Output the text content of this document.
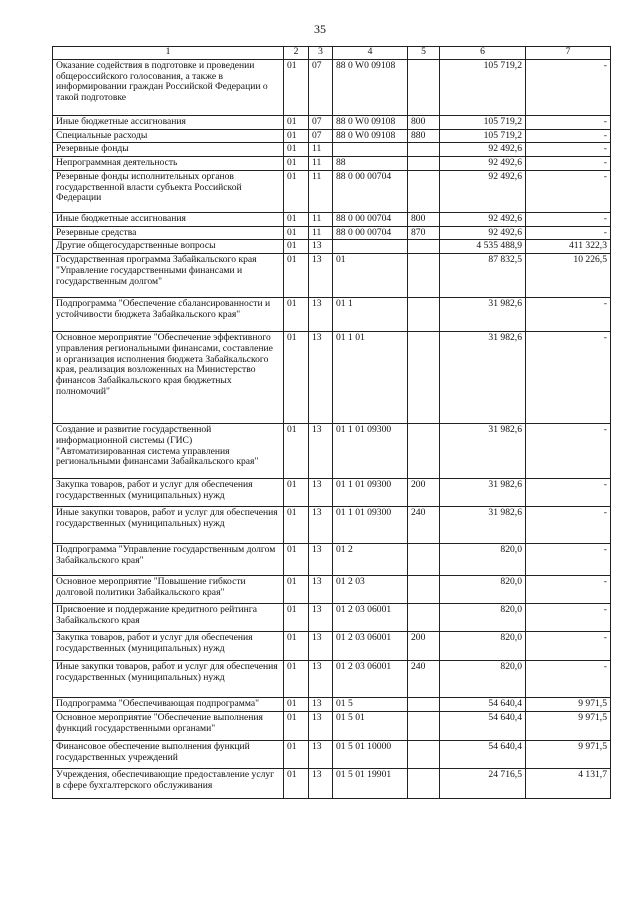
35
1	2	3	4	5	6	7
Оказание содействия в подготовке и проведении общероссийского голосования, а также в информировании граждан Российской Федерации о такой подготовке	01	07	88 0 W0 09108		105 719,2	-
Иные бюджетные ассигнования	01	07	88 0 W0 09108	800	105 719,2	-
Специальные расходы	01	07	88 0 W0 09108	880	105 719,2	-
Резервные фонды	01	11			92 492,6	-
Непрограммная деятельность	01	11	88		92 492,6	-
Резервные фонды исполнительных органов государственной власти субъекта Российской Федерации	01	11	88 0 00 00704		92 492,6	-
Иные бюджетные ассигнования	01	11	88 0 00 00704	800	92 492,6	-
Резервные средства	01	11	88 0 00 00704	870	92 492,6	-
Другие общегосударственные вопросы	01	13			4 535 488,9	411 322,3
Государственная программа Забайкальского края "Управление государственными финансами и государственным долгом"	01	13	01		87 832,5	10 226,5
Подпрограмма "Обеспечение сбалансированности и устойчивости бюджета Забайкальского края"	01	13	01 1		31 982,6	-
Основное мероприятие "Обеспечение эффективного управления региональными финансами, составление и организация исполнения бюджета Забайкальского края, реализация возложенных на Министерство финансов Забайкальского края бюджетных полномочий"	01	13	01 1 01		31 982,6	-
Создание и развитие государственной информационной системы (ГИС) "Автоматизированная система управления региональными финансами Забайкальского края"	01	13	01 1 01 09300		31 982,6	-
Закупка товаров, работ и услуг для обеспечения государственных (муниципальных) нужд	01	13	01 1 01 09300	200	31 982,6	-
Иные закупки товаров, работ и услуг для обеспечения государственных (муниципальных) нужд	01	13	01 1 01 09300	240	31 982,6	-
Подпрограмма "Управление государственным долгом Забайкальского края"	01	13	01 2		820,0	-
Основное мероприятие "Повышение гибкости долговой политики Забайкальского края"	01	13	01 2 03		820,0	-
Присвоение и поддержание кредитного рейтинга Забайкальского края	01	13	01 2 03 06001		820,0	-
Закупка товаров, работ и услуг для обеспечения государственных (муниципальных) нужд	01	13	01 2 03 06001	200	820,0	-
Иные закупки товаров, работ и услуг для обеспечения государственных (муниципальных) нужд	01	13	01 2 03 06001	240	820,0	-
Подпрограмма "Обеспечивающая подпрограмма"	01	13	01 5		54 640,4	9 971,5
Основное мероприятие "Обеспечение выполнения функций государственными органами"	01	13	01 5 01		54 640,4	9 971,5
Финансовое обеспечение выполнения функций государственных учреждений	01	13	01 5 01 10000		54 640,4	9 971,5
Учреждения, обеспечивающие предоставление услуг в сфере бухгалтерского обслуживания	01	13	01 5 01 19901		24 716,5	4 131,7
